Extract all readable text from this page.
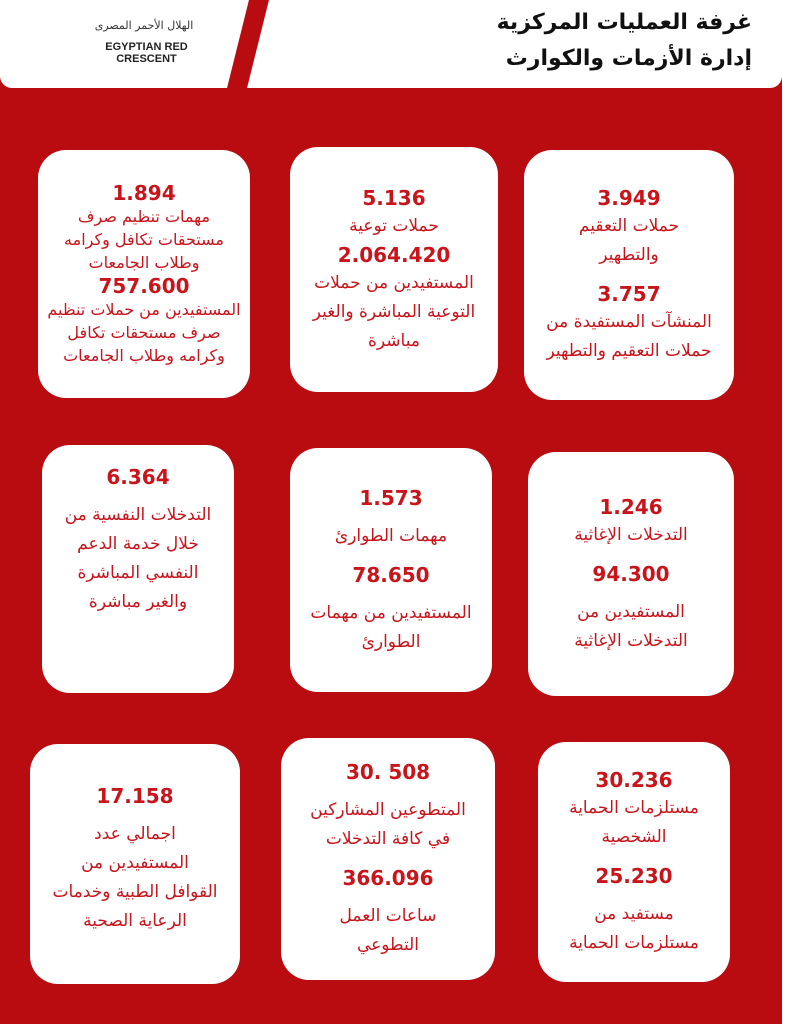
الهلال الأحمر المصرى
EGYPTIAN RED CRESCENT
غرفة العمليات المركزية
إدارة الأزمات والكوارث
3.949
حملات التعقيم والتطهير
3.757
المنشآت المستفيدة من حملات التعقيم والتطهير
5.136
حملات توعية
2.064.420
المستفيدين من حملات التوعية المباشرة والغير مباشرة
1.894
مهمات تنظيم صرف مستحقات تكافل وكرامه وطلاب الجامعات
757.600
المستفيدين من حملات تنظيم صرف مستحقات تكافل وكرامه وطلاب الجامعات
1.246
التدخلات الإغاثية
94.300
المستفيدين من التدخلات الإغاثية
1.573
مهمات الطوارئ
78.650
المستفيدين من مهمات الطوارئ
6.364
التدخلات النفسية من خلال خدمة الدعم النفسي المباشرة والغير مباشرة
30.236
مستلزمات الحماية الشخصية
25.230
مستفيد من مستلزمات الحماية
30. 508
المتطوعين المشاركين في كافة التدخلات
366.096
ساعات العمل التطوعي
17.158
اجمالي عدد المستفيدين من القوافل الطبية وخدمات الرعاية الصحية
